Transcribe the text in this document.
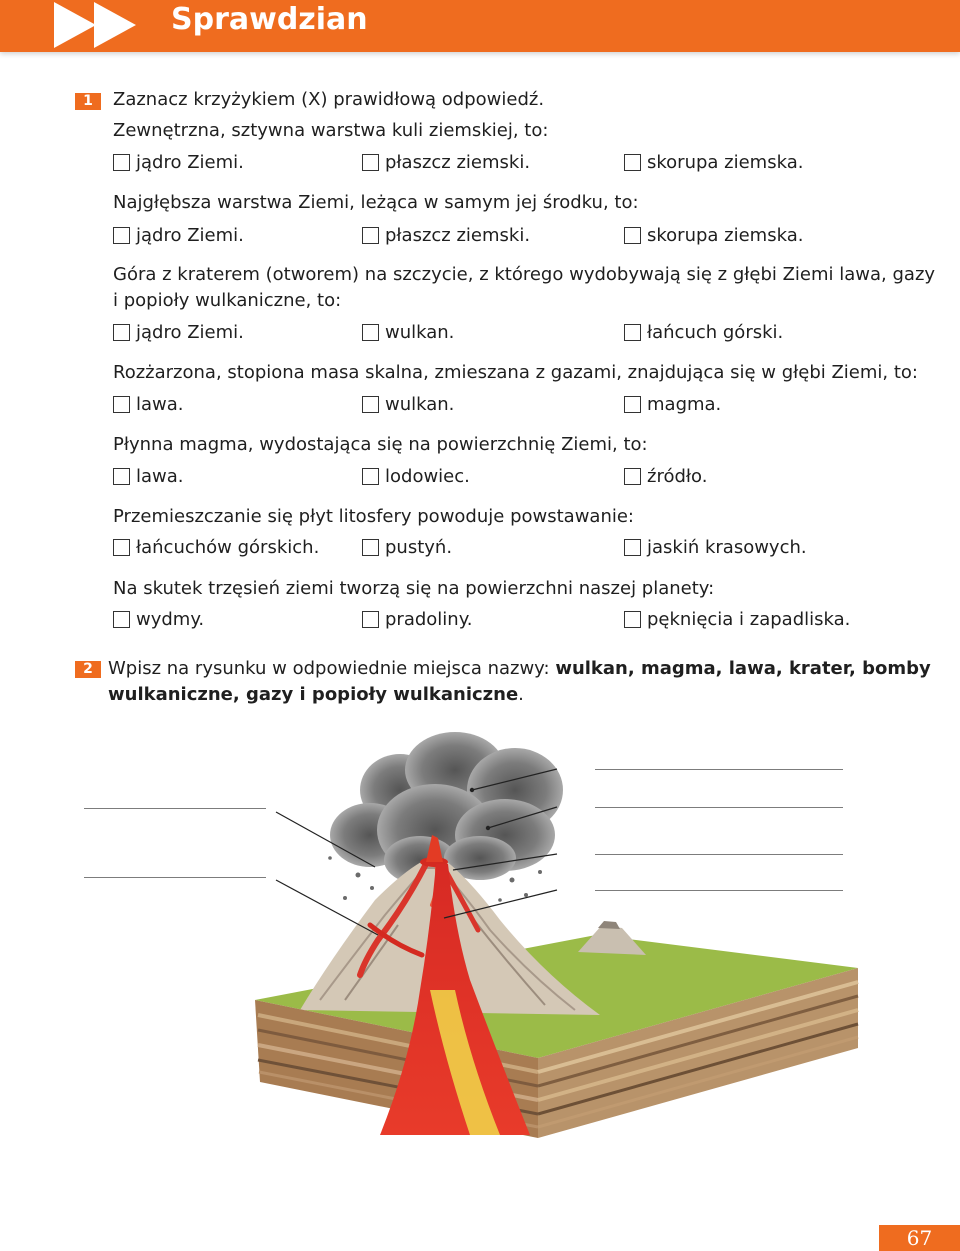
Sprawdzian
1	Zaznacz krzyżykiem (X) prawidłową odpowiedź.
Zewnętrzna, sztywna warstwa kuli ziemskiej, to:
jądro Ziemi.	płaszcz ziemski.	skorupa ziemska.
Najgłębsza warstwa Ziemi, leżąca w samym jej środku, to:
jądro Ziemi.	płaszcz ziemski.	skorupa ziemska.
Góra z kraterem (otworem) na szczycie, z którego wydobywają się z głębi Ziemi lawa, gazy
i popioły wulkaniczne, to:
jądro Ziemi.	wulkan.	łańcuch górski.
Rozżarzona, stopiona masa skalna, zmieszana z gazami, znajdująca się w głębi Ziemi, to:
lawa.	wulkan.	magma.
Płynna magma, wydostająca się na powierzchnię Ziemi, to:
lawa.	lodowiec.	źródło.
Przemieszczanie się płyt litosfery powoduje powstawanie:
łańcuchów górskich.	pustyń.	jaskiń krasowych.
Na skutek trzęsień ziemi tworzą się na powierzchni naszej planety:
wydmy.	pradoliny.	pęknięcia i zapadliska.
2 Wpisz na rysunku w odpowiednie miejsca nazwy: wulkan, magma, lawa, krater, bomby
wulkaniczne, gazy i popioły wulkaniczne.
67
